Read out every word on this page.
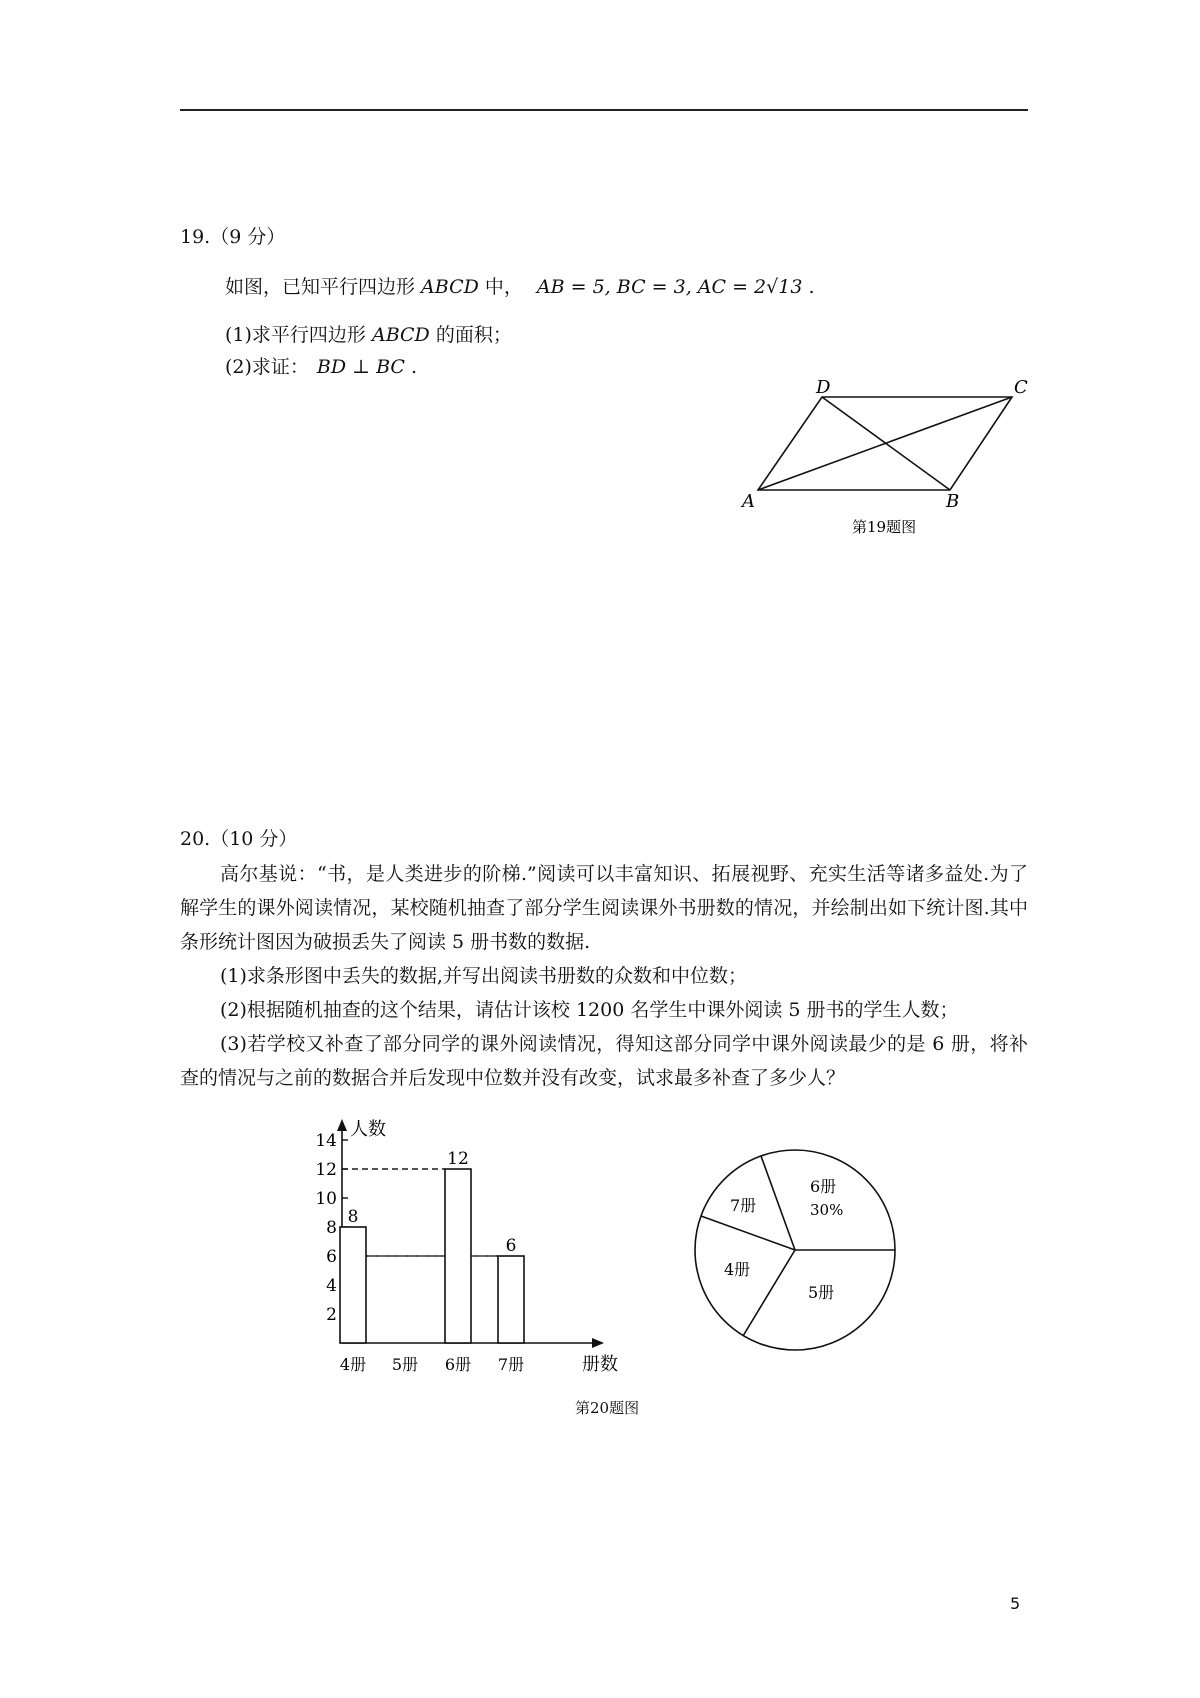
19.（9 分）
如图，已知平行四边形 ABCD 中， AB = 5, BC = 3, AC = 2√13 .
(1)求平行四边形 ABCD 的面积；
(2)求证： BD ⊥ BC .
A	B
C
D
第19题图
20.（10 分）
高尔基说：“书，是人类进步的阶梯.”阅读可以丰富知识、拓展视野、充实生活等诸多益处.为了解学生的课外阅读情况，某校随机抽查了部分学生阅读课外书册数的情况，并绘制出如下统计图.其中条形统计图因为破损丢失了阅读 5 册书数的数据.
(1)求条形图中丢失的数据,并写出阅读书册数的众数和中位数；
(2)根据随机抽查的这个结果，请估计该校 1200 名学生中课外阅读 5 册书的学生人数；
(3)若学校又补查了部分同学的课外阅读情况，得知这部分同学中课外阅读最少的是 6 册，将补查的情况与之前的数据合并后发现中位数并没有改变，试求最多补查了多少人？
人数
册数
2
4
6
8
10
12
14
8
12
6
4册 5册 6册 7册
6册
30%
5册
4册
7册
第20题图
5
